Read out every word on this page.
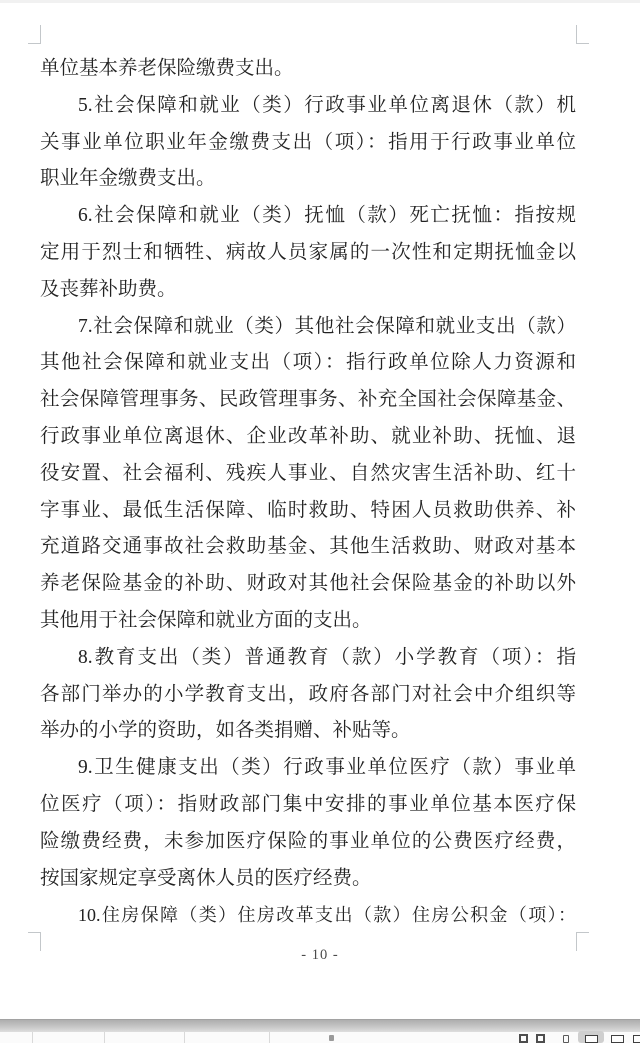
单位基本养老保险缴费支出。
5.社会保障和就业（类）行政事业单位离退休（款）机
关事业单位职业年金缴费支出（项）：指用于行政事业单位
职业年金缴费支出。
6.社会保障和就业（类）抚恤（款）死亡抚恤：指按规
定用于烈士和牺牲、病故人员家属的一次性和定期抚恤金以
及丧葬补助费。
7.社会保障和就业（类）其他社会保障和就业支出（款）
其他社会保障和就业支出（项）：指行政单位除人力资源和
社会保障管理事务、民政管理事务、补充全国社会保障基金、
行政事业单位离退休、企业改革补助、就业补助、抚恤、退
役安置、社会福利、残疾人事业、自然灾害生活补助、红十
字事业、最低生活保障、临时救助、特困人员救助供养、补
充道路交通事故社会救助基金、其他生活救助、财政对基本
养老保险基金的补助、财政对其他社会保险基金的补助以外
其他用于社会保障和就业方面的支出。
8.教育支出（类）普通教育（款）小学教育（项）：指
各部门举办的小学教育支出，政府各部门对社会中介组织等
举办的小学的资助，如各类捐赠、补贴等。
9.卫生健康支出（类）行政事业单位医疗（款）事业单
位医疗（项）：指财政部门集中安排的事业单位基本医疗保
险缴费经费，未参加医疗保险的事业单位的公费医疗经费，
按国家规定享受离休人员的医疗经费。
10.住房保障（类）住房改革支出（款）住房公积金（项）：
- 10 -
